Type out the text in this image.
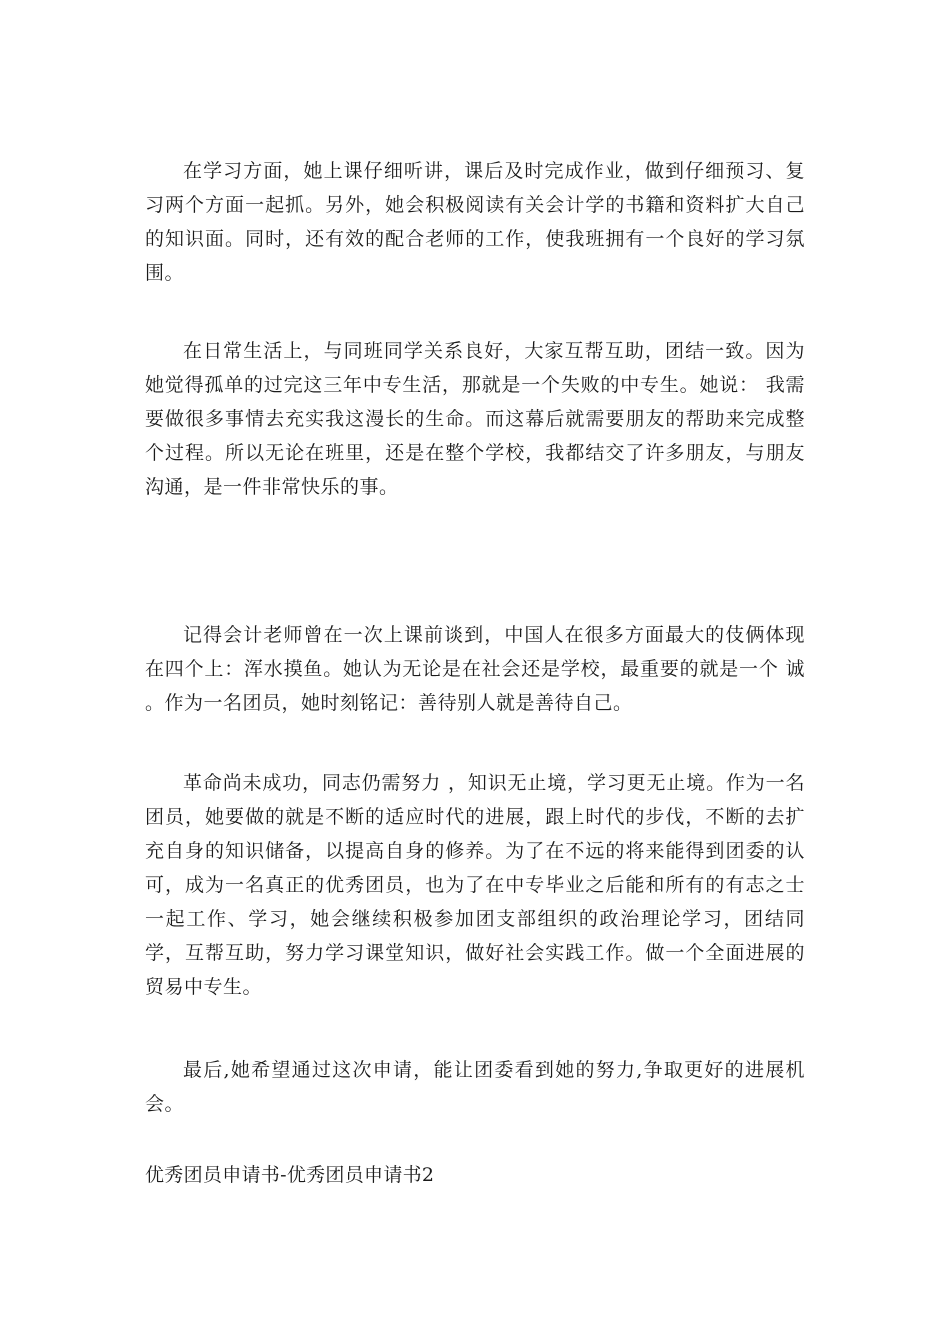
在学习方面，她上课仔细听讲，课后及时完成作业，做到仔细预习、复习两个方面一起抓。另外，她会积极阅读有关会计学的书籍和资料扩大自己的知识面。同时，还有效的配合老师的工作，使我班拥有一个良好的学习氛围。

在日常生活上，与同班同学关系良好，大家互帮互助，团结一致。因为她觉得孤单的过完这三年中专生活，那就是一个失败的中专生。她说： 我需要做很多事情去充实我这漫长的生命。而这幕后就需要朋友的帮助来完成整个过程。所以无论在班里，还是在整个学校，我都结交了许多朋友，与朋友沟通，是一件非常快乐的事。

记得会计老师曾在一次上课前谈到，中国人在很多方面最大的伎俩体现在四个上：浑水摸鱼。她认为无论是在社会还是学校，最重要的就是一个 诚 。作为一名团员，她时刻铭记：善待别人就是善待自己。

革命尚未成功，同志仍需努力 ，知识无止境，学习更无止境。作为一名团员，她要做的就是不断的适应时代的进展，跟上时代的步伐，不断的去扩充自身的知识储备，以提高自身的修养。为了在不远的将来能得到团委的认可，成为一名真正的优秀团员，也为了在中专毕业之后能和所有的有志之士一起工作、学习，她会继续积极参加团支部组织的政治理论学习，团结同学，互帮互助，努力学习课堂知识，做好社会实践工作。做一个全面进展的贸易中专生。

最后,她希望通过这次申请，能让团委看到她的努力,争取更好的进展机会。

优秀团员申请书-优秀团员申请书2
